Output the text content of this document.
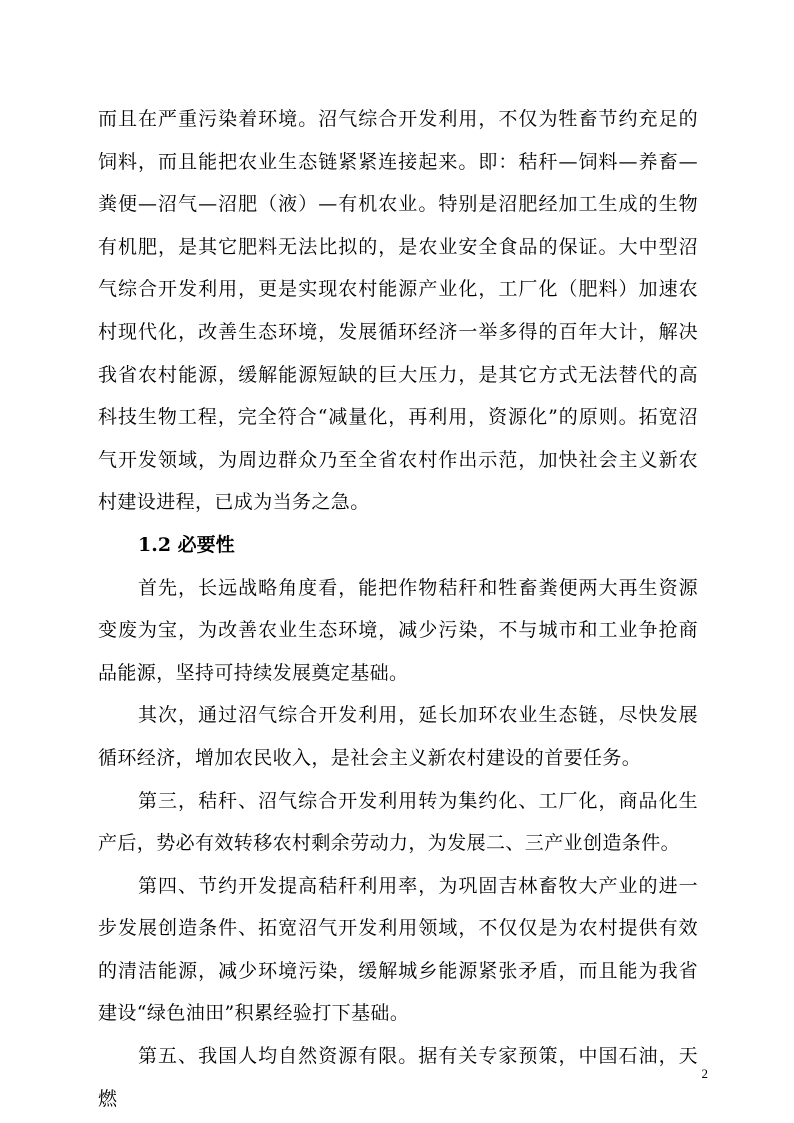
而且在严重污染着环境。沼气综合开发利用，不仅为牲畜节约充足的饲料，而且能把农业生态链紧紧连接起来。即：秸秆—饲料—养畜—粪便—沼气—沼肥（液）—有机农业。特别是沼肥经加工生成的生物有机肥，是其它肥料无法比拟的，是农业安全食品的保证。大中型沼气综合开发利用，更是实现农村能源产业化，工厂化（肥料）加速农村现代化，改善生态环境，发展循环经济一举多得的百年大计，解决我省农村能源，缓解能源短缺的巨大压力，是其它方式无法替代的高科技生物工程，完全符合“减量化，再利用，资源化”的原则。拓宽沼气开发领域，为周边群众乃至全省农村作出示范，加快社会主义新农村建设进程，已成为当务之急。

1.2 必要性

首先，长远战略角度看，能把作物秸秆和牲畜粪便两大再生资源变废为宝，为改善农业生态环境，减少污染，不与城市和工业争抢商品能源，坚持可持续发展奠定基础。

其次，通过沼气综合开发利用，延长加环农业生态链，尽快发展循环经济，增加农民收入，是社会主义新农村建设的首要任务。

第三，秸秆、沼气综合开发利用转为集约化、工厂化，商品化生产后，势必有效转移农村剩余劳动力，为发展二、三产业创造条件。

第四、节约开发提高秸秆利用率，为巩固吉林畜牧大产业的进一步发展创造条件、拓宽沼气开发利用领域，不仅仅是为农村提供有效的清洁能源，减少环境污染，缓解城乡能源紧张矛盾，而且能为我省建设“绿色油田”积累经验打下基础。

第五、我国人均自然资源有限。据有关专家预策，中国石油，天燃

2
